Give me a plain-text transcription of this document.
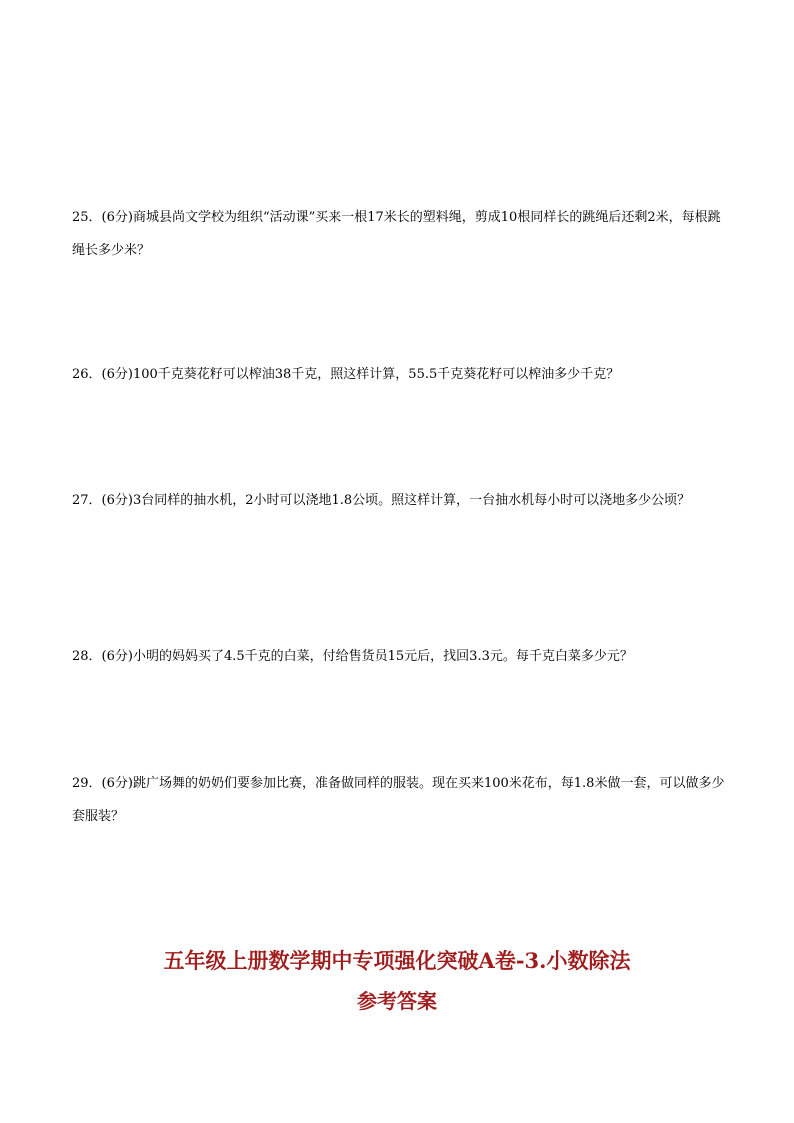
25．(6分)商城县尚文学校为组织“活动课”买来一根17米长的塑料绳，剪成10根同样长的跳绳后还剩2米，每根跳绳长多少米？

26．(6分)100千克葵花籽可以榨油38千克，照这样计算，55.5千克葵花籽可以榨油多少千克？

27．(6分)3台同样的抽水机，2小时可以浇地1.8公顷。照这样计算，一台抽水机每小时可以浇地多少公顷？

28．(6分)小明的妈妈买了4.5千克的白菜，付给售货员15元后，找回3.3元。每千克白菜多少元？

29．(6分)跳广场舞的奶奶们要参加比赛，准备做同样的服装。现在买来100米花布，每1.8米做一套，可以做多少套服装？

五年级上册数学期中专项强化突破A卷-3.小数除法
参考答案
